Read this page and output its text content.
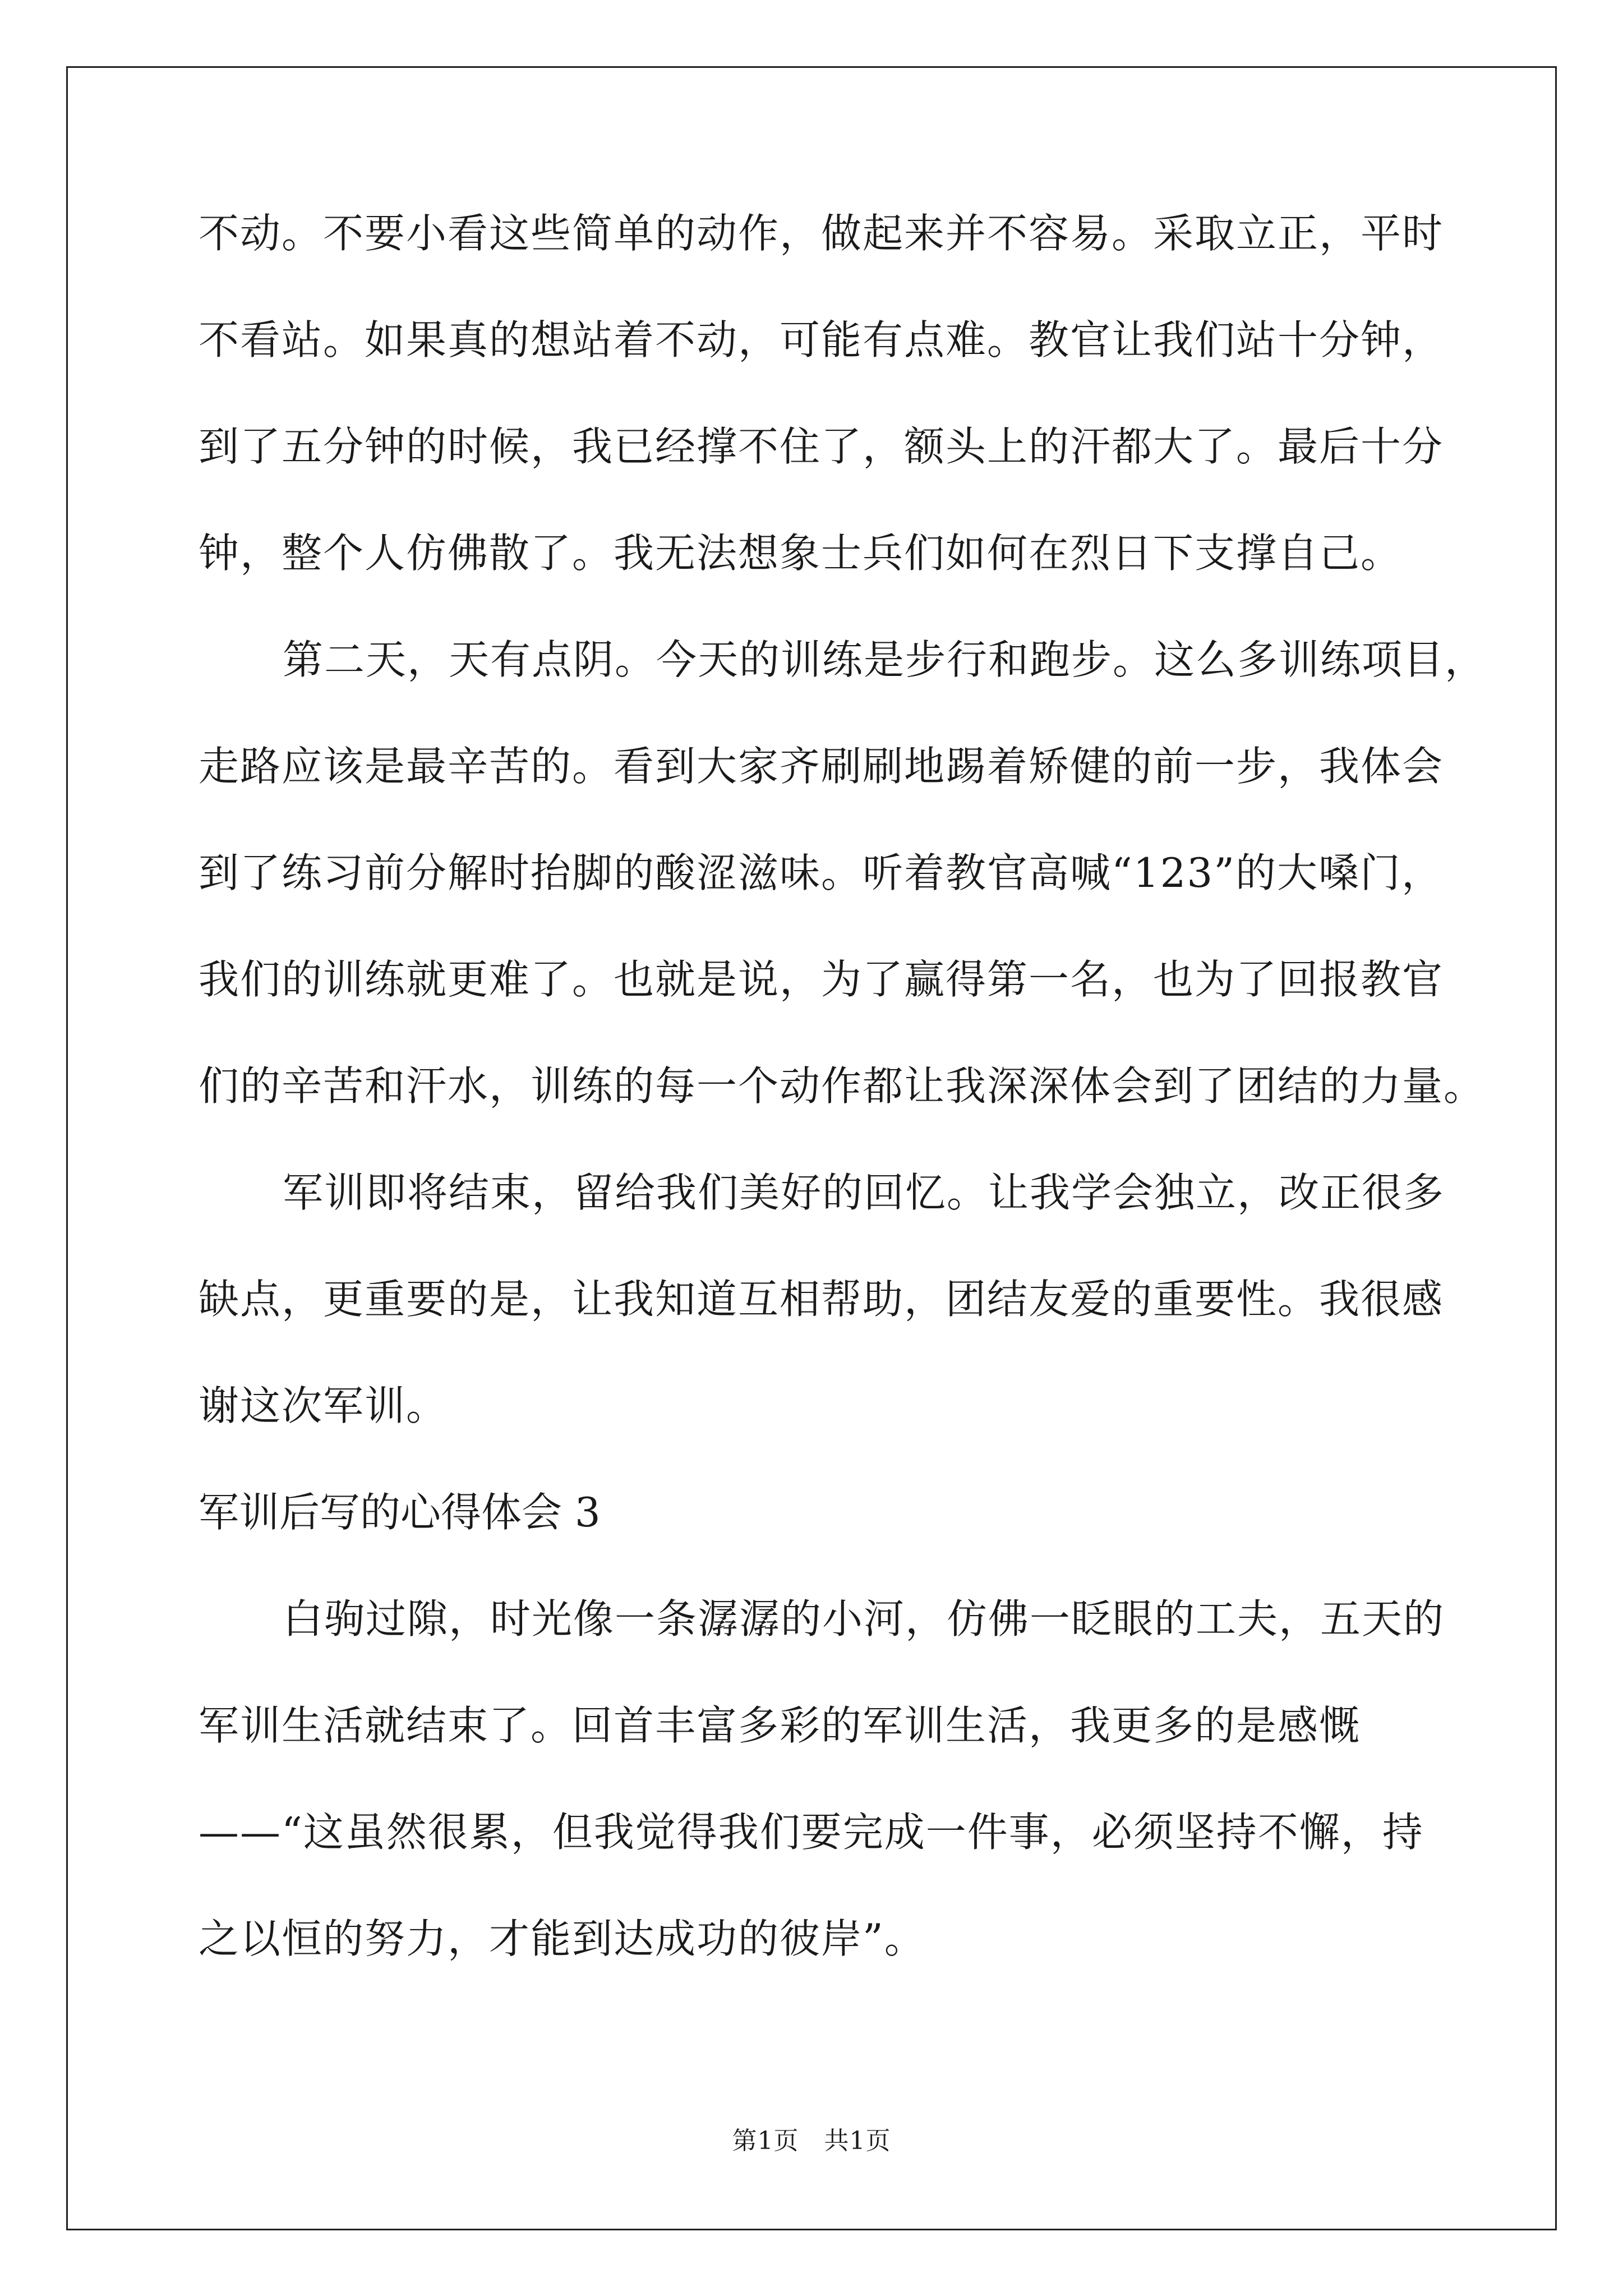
不动。不要小看这些简单的动作，做起来并不容易。采取立正，平时
不看站。如果真的想站着不动，可能有点难。教官让我们站十分钟，
到了五分钟的时候，我已经撑不住了，额头上的汗都大了。最后十分
钟，整个人仿佛散了。我无法想象士兵们如何在烈日下支撑自己。
第二天，天有点阴。今天的训练是步行和跑步。这么多训练项目，
走路应该是最辛苦的。看到大家齐刷刷地踢着矫健的前一步，我体会
到了练习前分解时抬脚的酸涩滋味。听着教官高喊“123”的大嗓门，
我们的训练就更难了。也就是说，为了赢得第一名，也为了回报教官
们的辛苦和汗水，训练的每一个动作都让我深深体会到了团结的力量。
军训即将结束，留给我们美好的回忆。让我学会独立，改正很多
缺点，更重要的是，让我知道互相帮助，团结友爱的重要性。我很感
谢这次军训。
军训后写的心得体会 3
白驹过隙，时光像一条潺潺的小河，仿佛一眨眼的工夫，五天的
军训生活就结束了。回首丰富多彩的军训生活，我更多的是感慨
——“这虽然很累，但我觉得我们要完成一件事，必须坚持不懈，持
之以恒的努力，才能到达成功的彼岸”。
第1页 共1页
